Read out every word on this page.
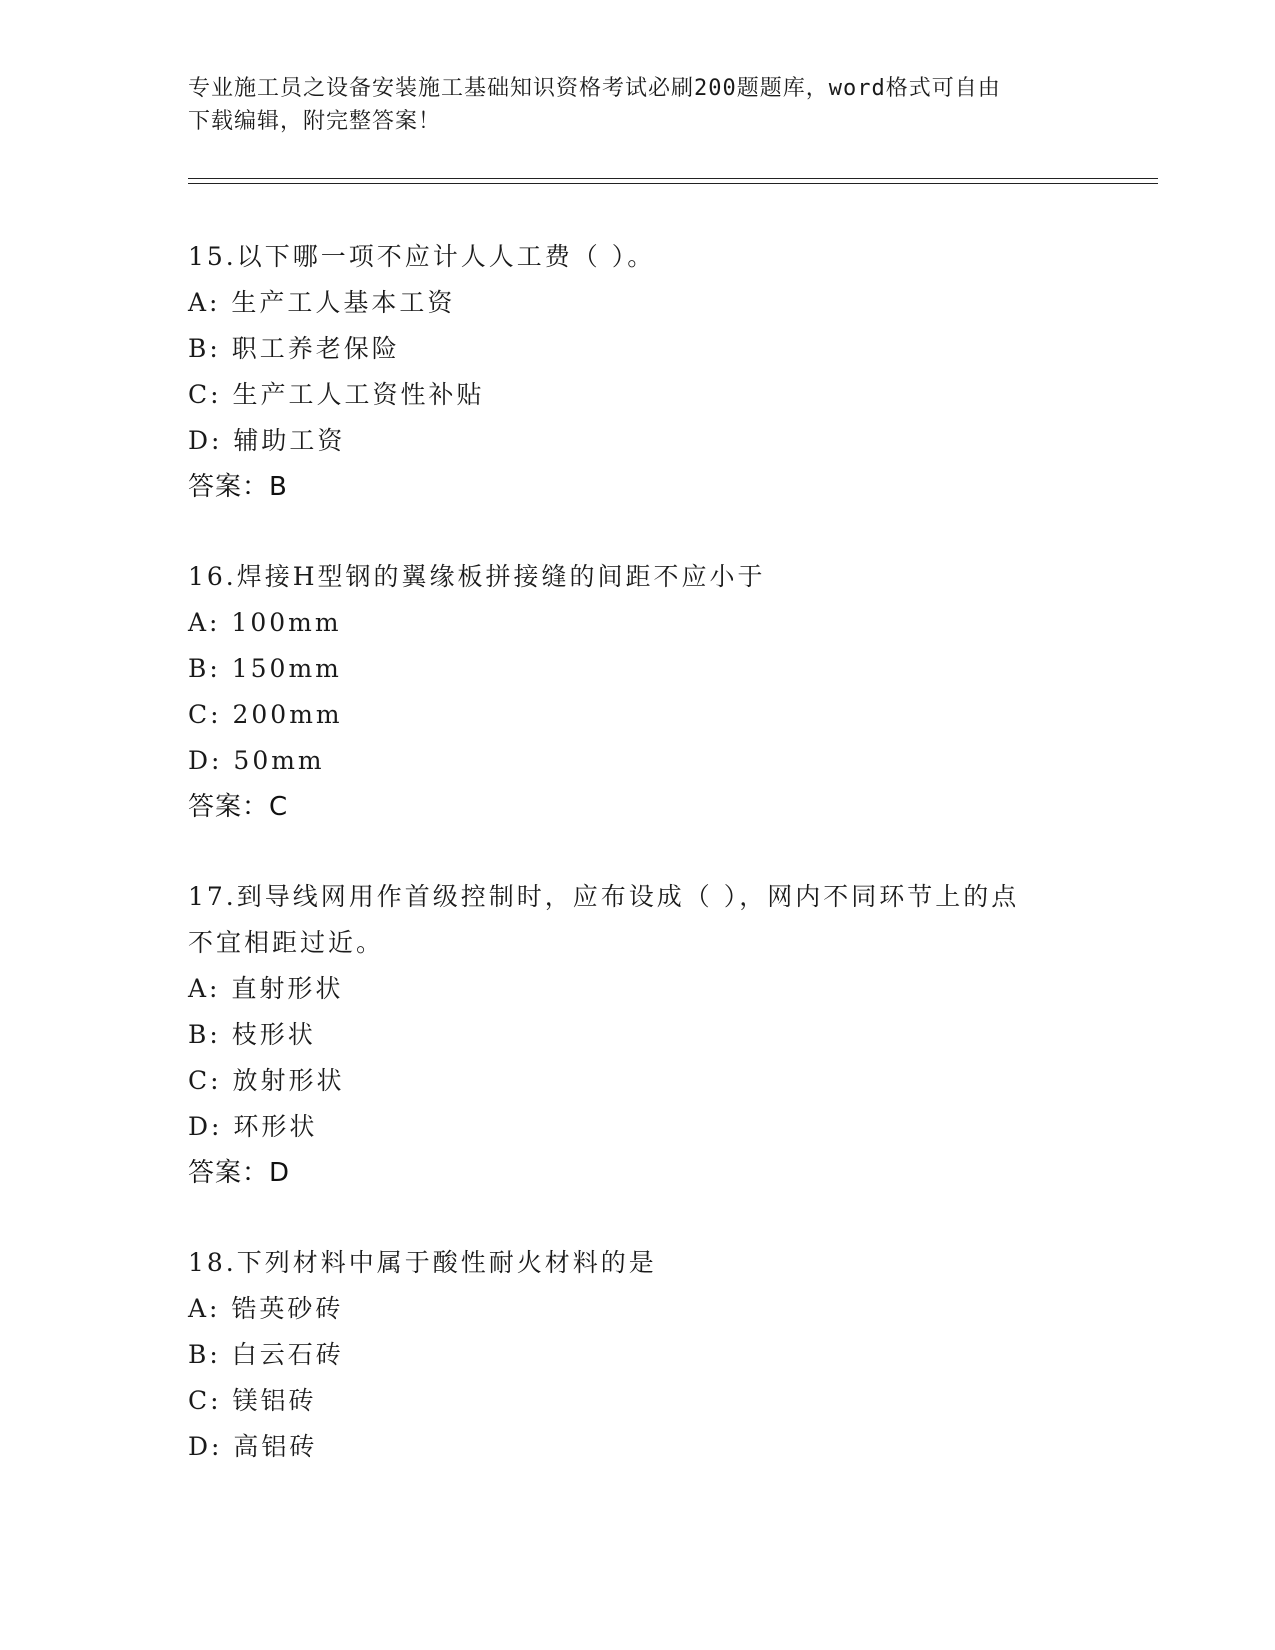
专业施工员之设备安装施工基础知识资格考试必刷200题题库，word格式可自由
下载编辑，附完整答案！
15.以下哪一项不应计人人工费（ ）。
A: 生产工人基本工资
B: 职工养老保险
C: 生产工人工资性补贴
D: 辅助工资
答案：B
16.焊接H型钢的翼缘板拼接缝的间距不应小于
A: 100mm
B: 150mm
C: 200mm
D: 50mm
答案：C
17.到导线网用作首级控制时，应布设成（ ），网内不同环节上的点
不宜相距过近。
A: 直射形状
B: 枝形状
C: 放射形状
D: 环形状
答案：D
18.下列材料中属于酸性耐火材料的是
A: 锆英砂砖
B: 白云石砖
C: 镁铝砖
D: 高铝砖
